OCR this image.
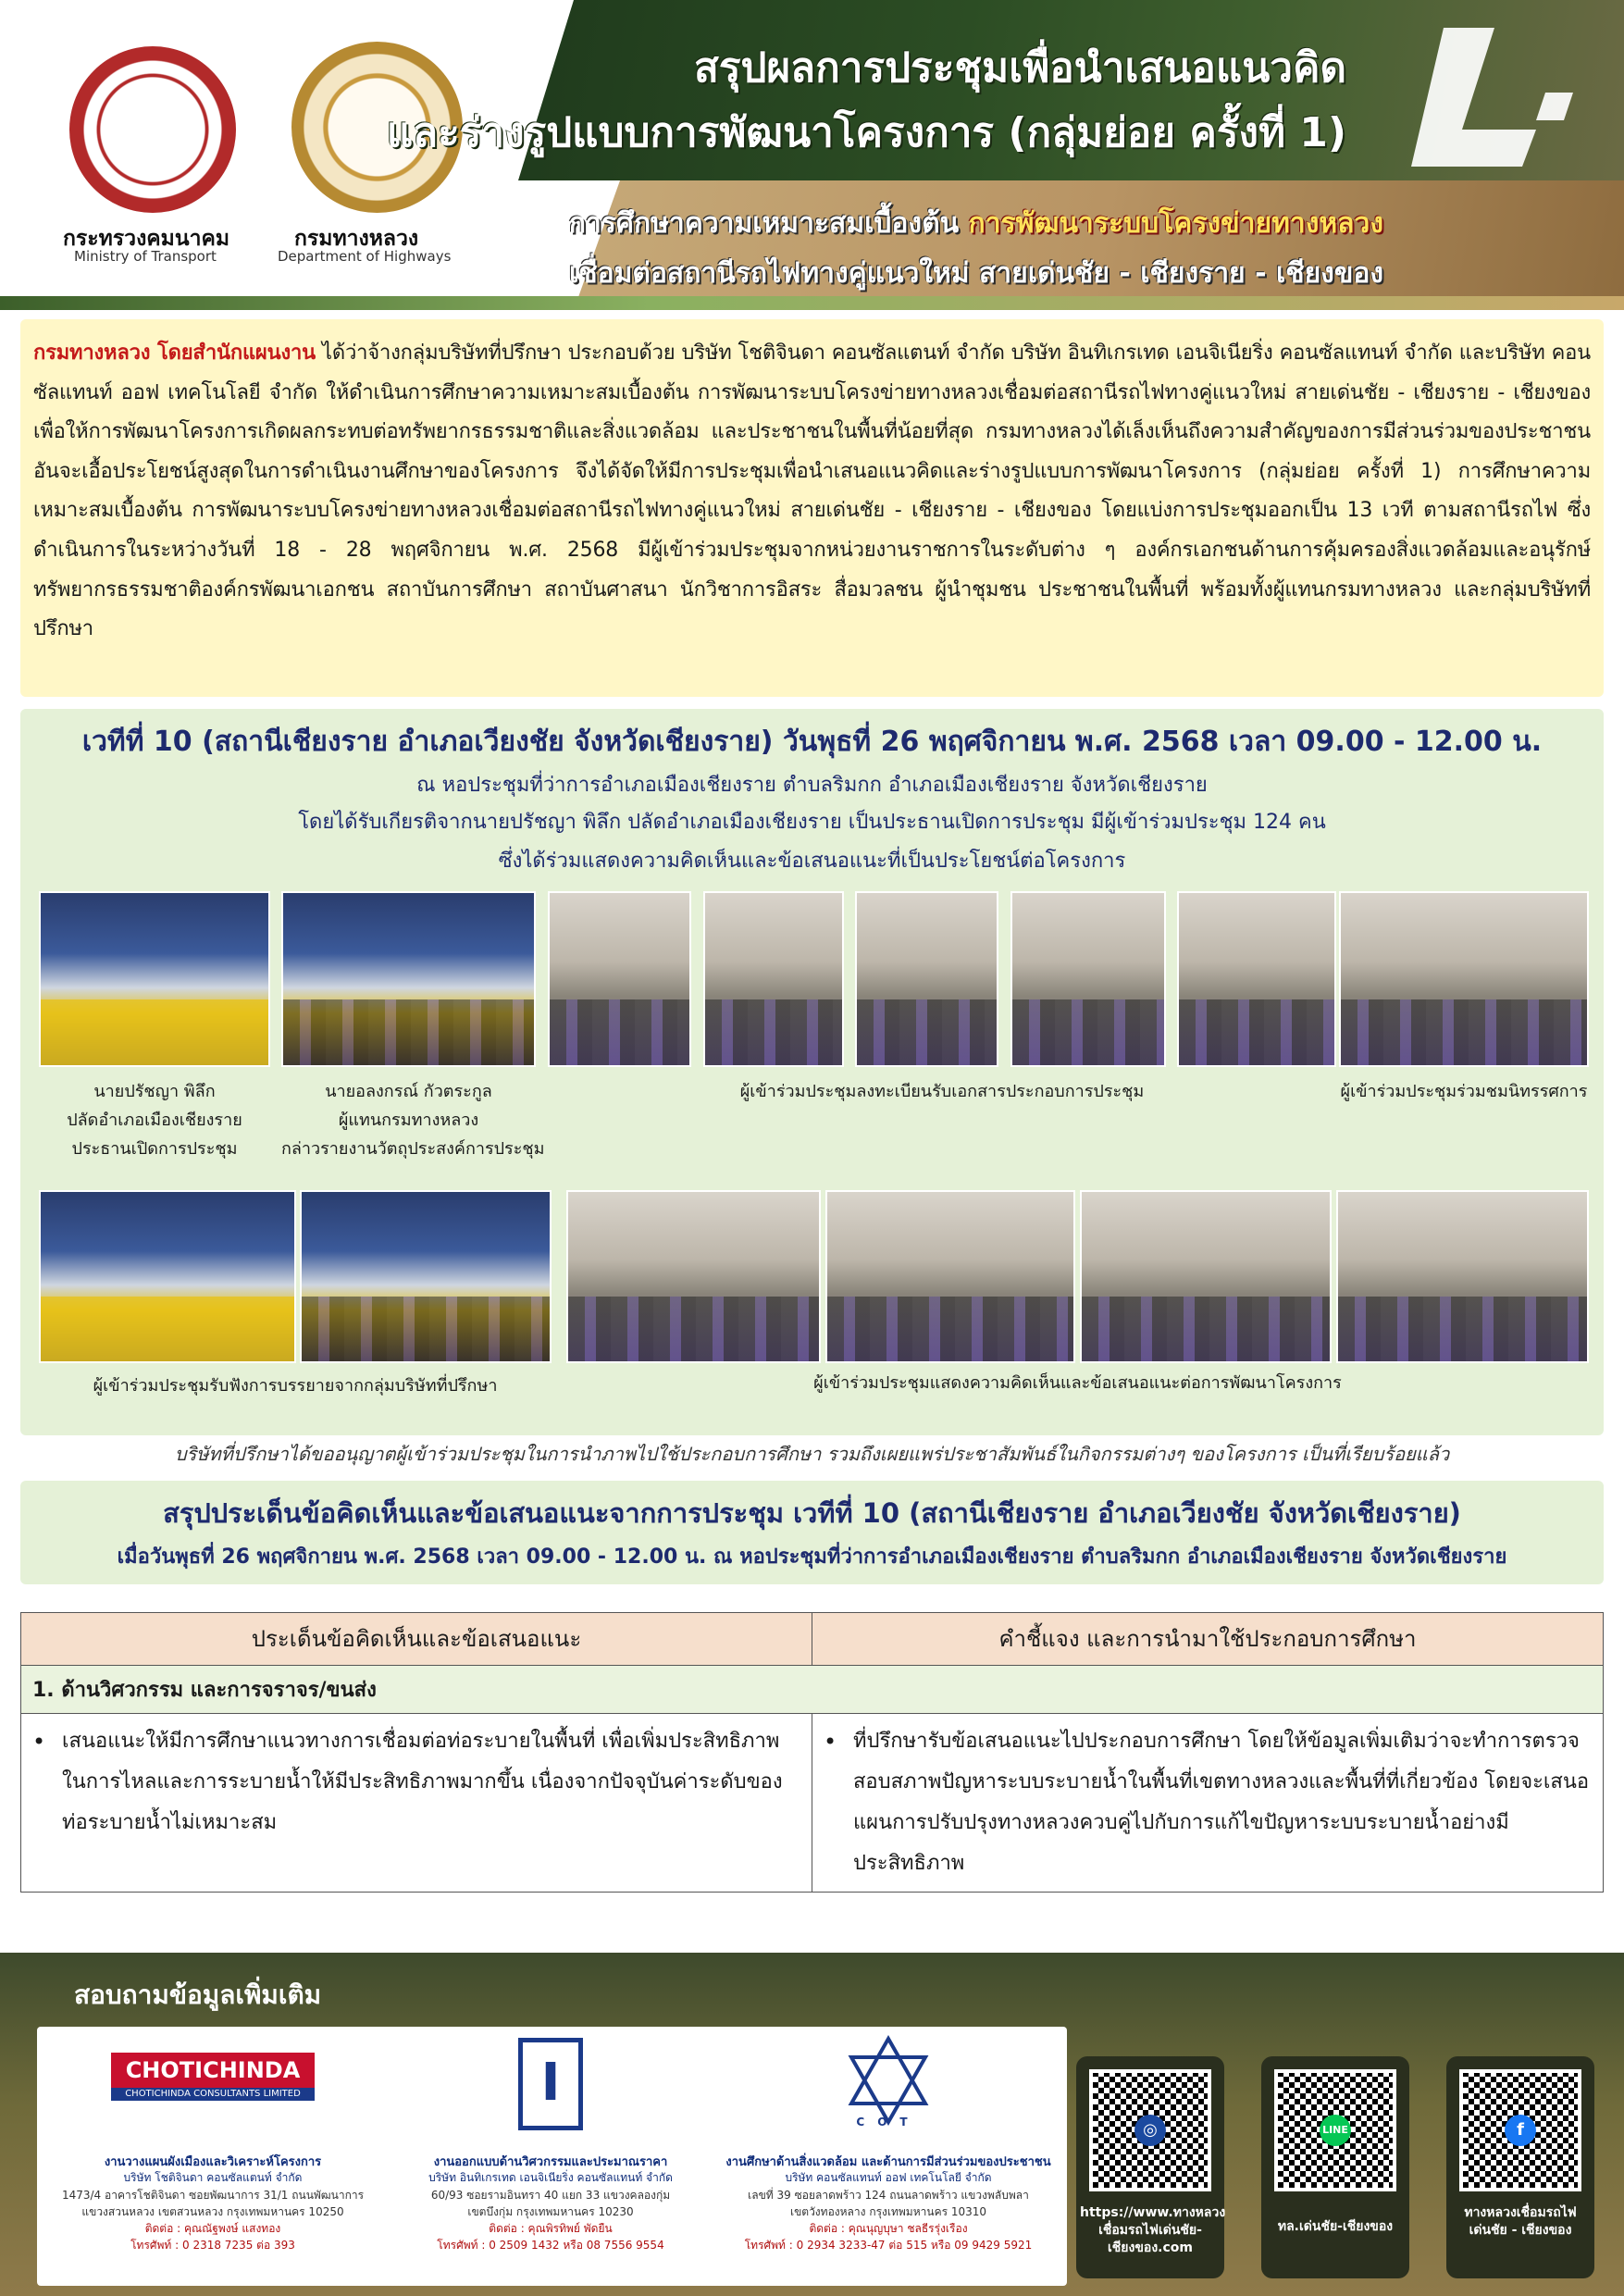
กระทรวงคมนาคม
Ministry of Transport
กรมทางหลวง
Department of Highways
สรุปผลการประชุมเพื่อนำเสนอแนวคิด
และร่างรูปแบบการพัฒนาโครงการ (กลุ่มย่อย ครั้งที่ 1)
การศึกษาความเหมาะสมเบื้องต้น การพัฒนาระบบโครงข่ายทางหลวง
เชื่อมต่อสถานีรถไฟทางคู่แนวใหม่ สายเด่นชัย - เชียงราย - เชียงของ

กรมทางหลวง โดยสำนักแผนงาน ได้ว่าจ้างกลุ่มบริษัทที่ปรึกษา ประกอบด้วย บริษัท โชติจินดา คอนซัลแตนท์ จำกัด บริษัท อินทิเกรเทด เอนจิเนียริ่ง คอนซัลแทนท์ จำกัด และบริษัท คอนซัลแทนท์ ออฟ เทคโนโลยี จำกัด ให้ดำเนินการศึกษาความเหมาะสมเบื้องต้น การพัฒนาระบบโครงข่ายทางหลวงเชื่อมต่อสถานีรถไฟทางคู่แนวใหม่ สายเด่นชัย - เชียงราย - เชียงของ เพื่อให้การพัฒนาโครงการเกิดผลกระทบต่อทรัพยากรธรรมชาติและสิ่งแวดล้อม และประชาชนในพื้นที่น้อยที่สุด กรมทางหลวงได้เล็งเห็นถึงความสำคัญของการมีส่วนร่วมของประชาชน อันจะเอื้อประโยชน์สูงสุดในการดำเนินงานศึกษาของโครงการ จึงได้จัดให้มีการประชุมเพื่อนำเสนอแนวคิดและร่างรูปแบบการพัฒนาโครงการ (กลุ่มย่อย ครั้งที่ 1) การศึกษาความเหมาะสมเบื้องต้น การพัฒนาระบบโครงข่ายทางหลวงเชื่อมต่อสถานีรถไฟทางคู่แนวใหม่ สายเด่นชัย - เชียงราย - เชียงของ โดยแบ่งการประชุมออกเป็น 13 เวที ตามสถานีรถไฟ ซึ่งดำเนินการในระหว่างวันที่ 18 - 28 พฤศจิกายน พ.ศ. 2568 มีผู้เข้าร่วมประชุมจากหน่วยงานราชการในระดับต่าง ๆ องค์กรเอกชนด้านการคุ้มครองสิ่งแวดล้อมและอนุรักษ์ทรัพยากรธรรมชาติองค์กรพัฒนาเอกชน สถาบันการศึกษา สถาบันศาสนา นักวิชาการอิสระ สื่อมวลชน ผู้นำชุมชน ประชาชนในพื้นที่ พร้อมทั้งผู้แทนกรมทางหลวง และกลุ่มบริษัทที่ปรึกษา

เวทีที่ 10 (สถานีเชียงราย อำเภอเวียงชัย จังหวัดเชียงราย) วันพุธที่ 26 พฤศจิกายน พ.ศ. 2568 เวลา 09.00 - 12.00 น.
ณ หอประชุมที่ว่าการอำเภอเมืองเชียงราย ตำบลริมกก อำเภอเมืองเชียงราย จังหวัดเชียงราย
โดยได้รับเกียรติจากนายปรัชญา พิลึก ปลัดอำเภอเมืองเชียงราย เป็นประธานเปิดการประชุม มีผู้เข้าร่วมประชุม 124 คน
ซึ่งได้ร่วมแสดงความคิดเห็นและข้อเสนอแนะที่เป็นประโยชน์ต่อโครงการ
นายปรัชญา พิลึก
ปลัดอำเภอเมืองเชียงราย
ประธานเปิดการประชุม
นายอลงกรณ์ กัวตระกูล
ผู้แทนกรมทางหลวง
กล่าวรายงานวัตถุประสงค์การประชุม
ผู้เข้าร่วมประชุมลงทะเบียนรับเอกสารประกอบการประชุม	ผู้เข้าร่วมประชุมร่วมชมนิทรรศการ
ผู้เข้าร่วมประชุมรับฟังการบรรยายจากกลุ่มบริษัทที่ปรึกษา	ผู้เข้าร่วมประชุมแสดงความคิดเห็นและข้อเสนอแนะต่อการพัฒนาโครงการ
บริษัทที่ปรึกษาได้ขออนุญาตผู้เข้าร่วมประชุมในการนำภาพไปใช้ประกอบการศึกษา รวมถึงเผยแพร่ประชาสัมพันธ์ในกิจกรรมต่างๆ ของโครงการ เป็นที่เรียบร้อยแล้ว
สรุปประเด็นข้อคิดเห็นและข้อเสนอแนะจากการประชุม เวทีที่ 10 (สถานีเชียงราย อำเภอเวียงชัย จังหวัดเชียงราย)
เมื่อวันพุธที่ 26 พฤศจิกายน พ.ศ. 2568 เวลา 09.00 - 12.00 น. ณ หอประชุมที่ว่าการอำเภอเมืองเชียงราย ตำบลริมกก อำเภอเมืองเชียงราย จังหวัดเชียงราย
ประเด็นข้อคิดเห็นและข้อเสนอแนะ	คำชี้แจง และการนำมาใช้ประกอบการศึกษา
1. ด้านวิศวกรรม และการจราจร/ขนส่ง	

• เสนอแนะให้มีการศึกษาแนวทางการเชื่อมต่อท่อระบายในพื้นที่ เพื่อเพิ่มประสิทธิภาพในการไหลและการระบายน้ำให้มีประสิทธิภาพมากขึ้น เนื่องจากปัจจุบันค่าระดับของท่อระบายน้ำไม่เหมาะสม	• ที่ปรึกษารับข้อเสนอแนะไปประกอบการศึกษา โดยให้ข้อมูลเพิ่มเติมว่าจะทำการตรวจสอบสภาพปัญหาระบบระบายน้ำในพื้นที่เขตทางหลวงและพื้นที่ที่เกี่ยวข้อง โดยจะเสนอแผนการปรับปรุงทางหลวงควบคู่ไปกับการแก้ไขปัญหาระบบระบายน้ำอย่างมีประสิทธิภาพ
สอบถามข้อมูลเพิ่มเติม
CHOTICHINDA
CHOTICHINDA CONSULTANTS LIMITED
งานวางแผนผังเมืองและวิเคราะห์โครงการ
บริษัท โชติจินดา คอนซัลแตนท์ จำกัด
1473/4 อาคารโชติจินดา ซอยพัฒนาการ 31/1 ถนนพัฒนาการ
แขวงสวนหลวง เขตสวนหลวง กรุงเทพมหานคร 10250
ติดต่อ : คุณณัฐพงษ์ แสงทอง
โทรศัพท์ : 0 2318 7235 ต่อ 393
I
งานออกแบบด้านวิศวกรรมและประมาณราคา
บริษัท อินทิเกรเทด เอนจิเนียริ่ง คอนซัลแทนท์ จำกัด
60/93 ซอยรามอินทรา 40 แยก 33 แขวงคลองกุ่ม
เขตบึงกุ่ม กรุงเทพมหานคร 10230
ติดต่อ : คุณพิรทิพย์ พัดยืน
โทรศัพท์ : 0 2509 1432 หรือ 08 7556 9554
COT
งานศึกษาด้านสิ่งแวดล้อม และด้านการมีส่วนร่วมของประชาชน
บริษัท คอนซัลแทนท์ ออฟ เทคโนโลยี จำกัด
เลขที่ 39 ซอยลาดพร้าว 124 ถนนลาดพร้าว แขวงพลับพลา
เขตวังทองหลาง กรุงเทพมหานคร 10310
ติดต่อ : คุณนุญบุษา ชลธีรรุ่งเรือง
โทรศัพท์ : 0 2934 3233-47 ต่อ 515 หรือ 09 9429 5921
◎
https://www.ทางหลวงเชื่อมรถไฟเด่นชัย-เชียงของ.com
LINE
ทล.เด่นชัย-เชียงของ
f
ทางหลวงเชื่อมรถไฟ เด่นชัย - เชียงของ
